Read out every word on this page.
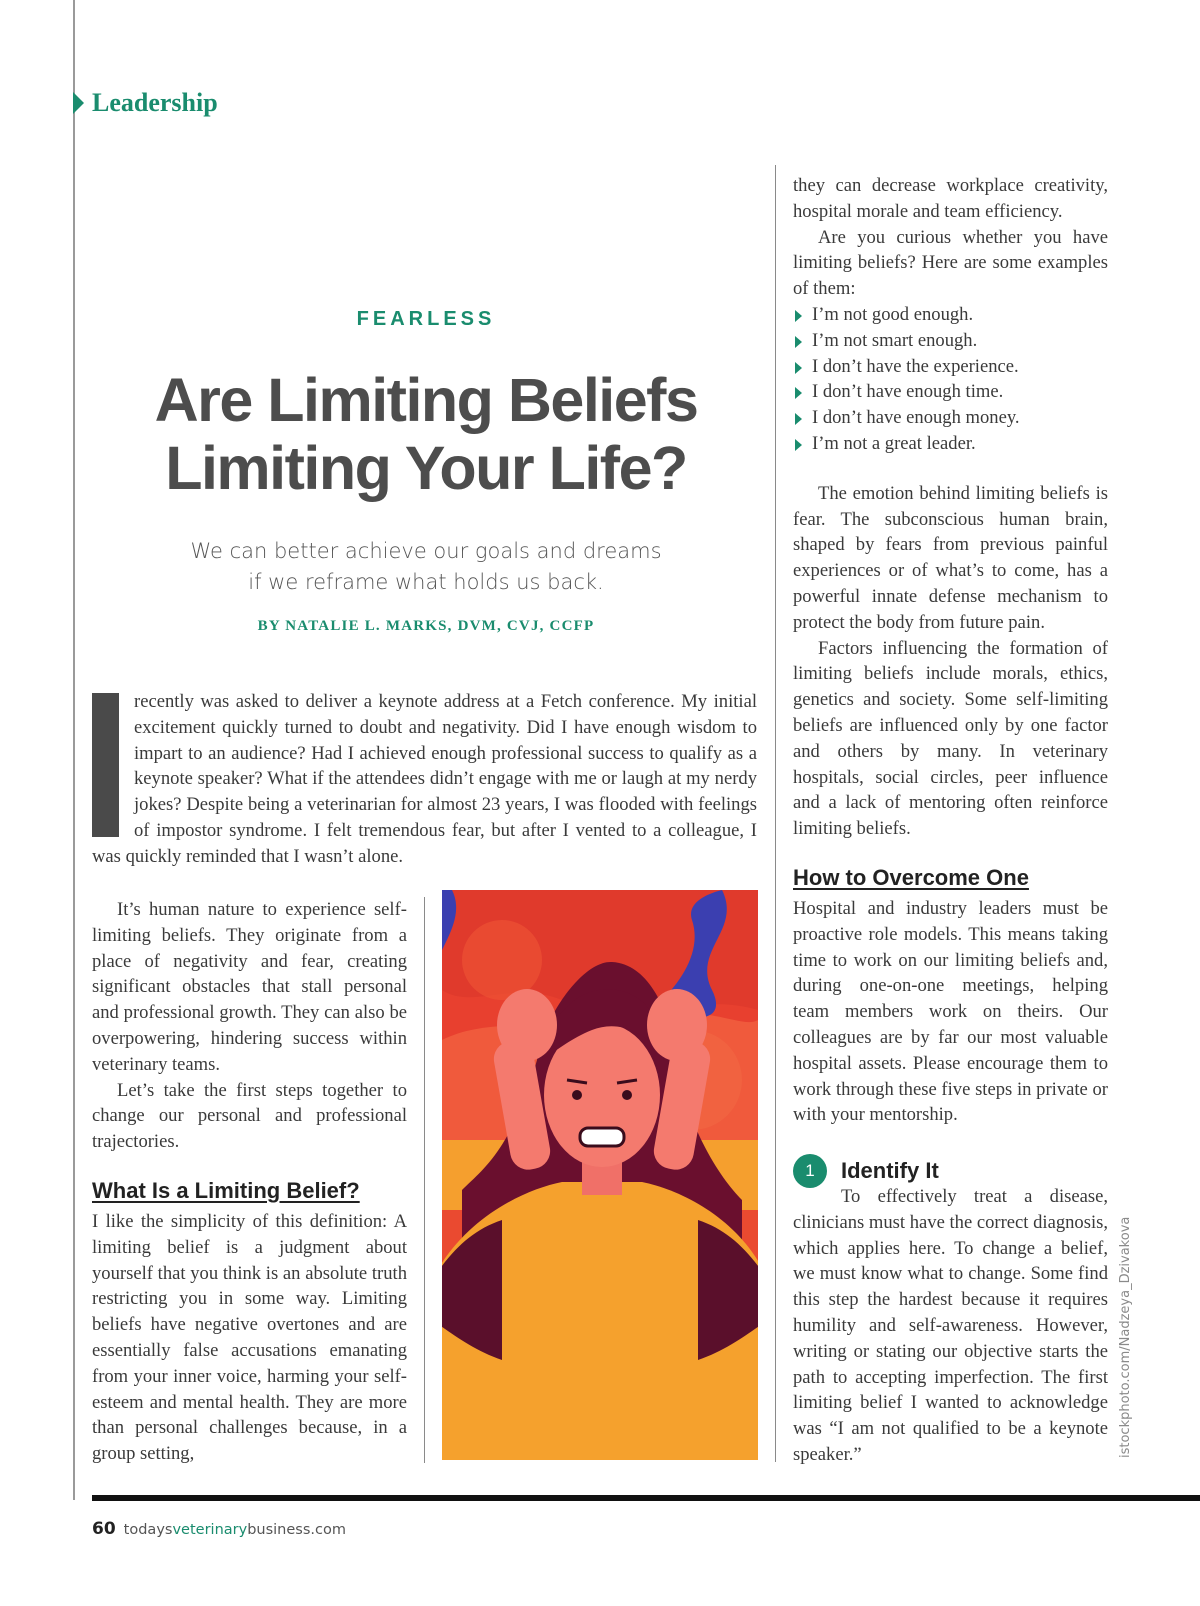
Leadership
FEARLESS
Are Limiting Beliefs
Limiting Your Life?
We can better achieve our goals and dreams
if we reframe what holds us back.
BY NATALIE L. MARKS, DVM, CVJ, CCFP

recently was asked to deliver a keynote address at a Fetch conference. My initial excitement quickly turned to doubt and negativity. Did I have enough wisdom to impart to an audience? Had I achieved enough professional success to qualify as a keynote speaker? What if the attendees didn’t engage with me or laugh at my nerdy jokes? Despite being a veterinarian for almost 23 years, I was flooded with feelings of impostor syndrome. I felt tremendous fear, but after I vented to a colleague, I was quickly reminded that I wasn’t alone.

It’s human nature to experience self-limiting beliefs. They originate from a place of negativity and fear, creating significant obstacles that stall personal and professional growth. They can also be overpowering, hindering success within veterinary teams.

Let’s take the first steps together to change our personal and professional trajectories.

What Is a Limiting Belief?

I like the simplicity of this definition: A limiting belief is a judgment about yourself that you think is an absolute truth restricting you in some way. Limiting beliefs have negative overtones and are essentially false accusations emanating from your inner voice, harming your self-esteem and mental health. They are more than personal challenges because, in a group setting,

they can decrease workplace creativity, hospital morale and team efficiency.

Are you curious whether you have limiting beliefs? Here are some examples of them:

I’m not good enough.
I’m not smart enough.
I don’t have the experience.
I don’t have enough time.
I don’t have enough money.
I’m not a great leader.

The emotion behind limiting beliefs is fear. The subconscious human brain, shaped by fears from previous painful experiences or of what’s to come, has a powerful innate defense mechanism to protect the body from future pain.

Factors influencing the formation of limiting beliefs include morals, ethics, genetics and society. Some self-limiting beliefs are influenced only by one factor and others by many. In veterinary hospitals, social circles, peer influence and a lack of mentoring often reinforce limiting beliefs.

How to Overcome One

Hospital and industry leaders must be proactive role models. This means taking time to work on our limiting beliefs and, during one-on-one meetings, helping team members work on theirs. Our colleagues are by far our most valuable hospital assets. Please encourage them to work through these five steps in private or with your mentorship.

1	Identify It

To effectively treat a disease, clinicians must have the correct diagnosis, which applies here. To change a belief, we must know what to change. Some find this step the hardest because it requires humility and self-awareness. However, writing or stating our objective starts the path to accepting imperfection. The first limiting belief I wanted to acknowledge was “I am not qualified to be a keynote speaker.”	istockphoto.com/Nadzeya_Dzivakova
60 todaysveterinarybusiness.com
